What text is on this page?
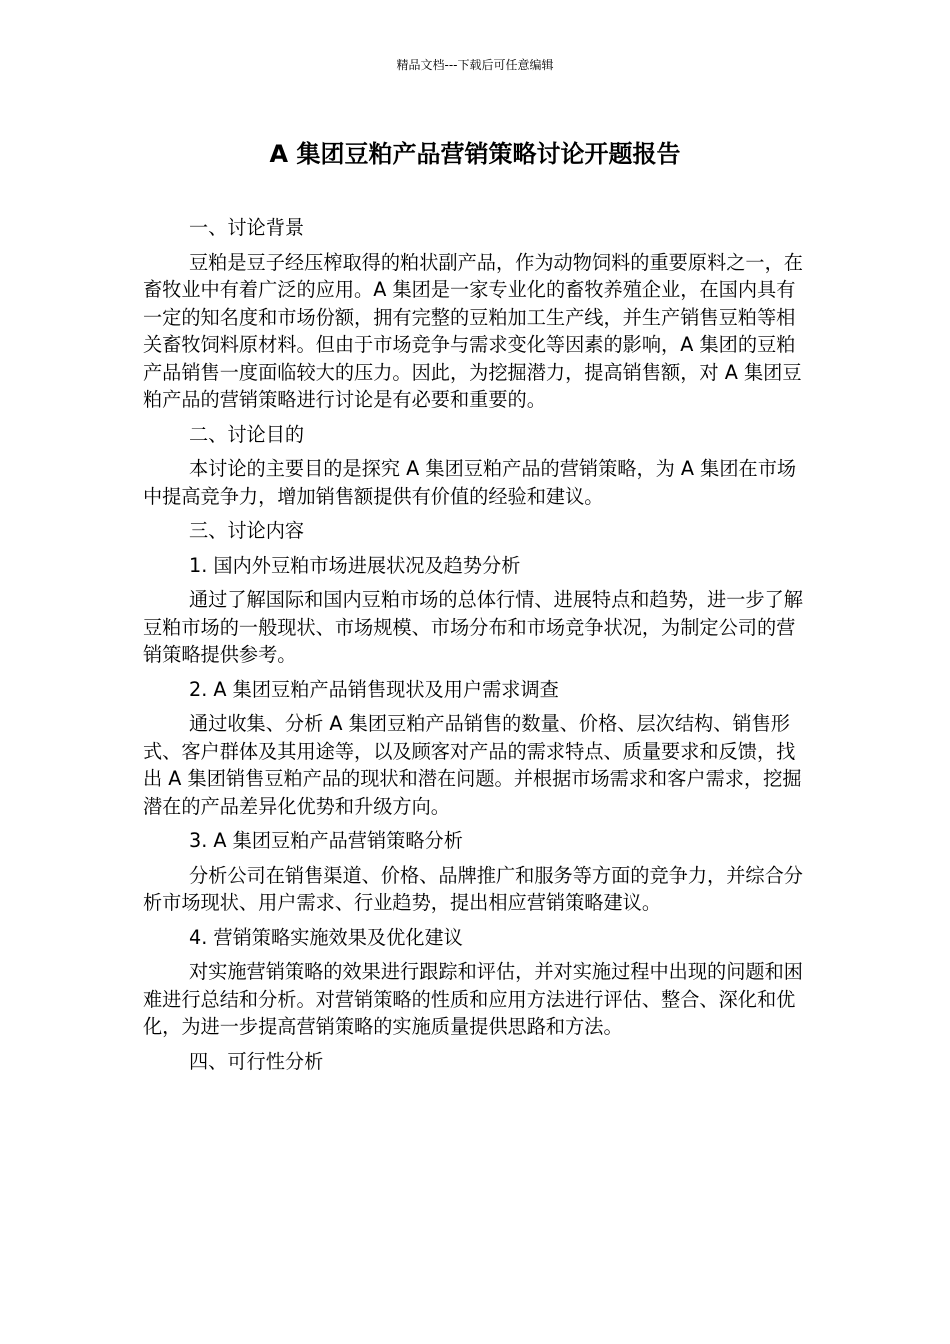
精品文档---下载后可任意编辑
A 集团豆粕产品营销策略讨论开题报告

一、讨论背景

豆粕是豆子经压榨取得的粕状副产品，作为动物饲料的重要原料之一，在畜牧业中有着广泛的应用。A 集团是一家专业化的畜牧养殖企业，在国内具有一定的知名度和市场份额，拥有完整的豆粕加工生产线，并生产销售豆粕等相关畜牧饲料原材料。但由于市场竞争与需求变化等因素的影响，A 集团的豆粕产品销售一度面临较大的压力。因此，为挖掘潜力，提高销售额，对 A 集团豆粕产品的营销策略进行讨论是有必要和重要的。

二、讨论目的

本讨论的主要目的是探究 A 集团豆粕产品的营销策略，为 A 集团在市场中提高竞争力，增加销售额提供有价值的经验和建议。

三、讨论内容

1. 国内外豆粕市场进展状况及趋势分析

通过了解国际和国内豆粕市场的总体行情、进展特点和趋势，进一步了解豆粕市场的一般现状、市场规模、市场分布和市场竞争状况，为制定公司的营销策略提供参考。

2. A 集团豆粕产品销售现状及用户需求调查

通过收集、分析 A 集团豆粕产品销售的数量、价格、层次结构、销售形式、客户群体及其用途等，以及顾客对产品的需求特点、质量要求和反馈，找出 A 集团销售豆粕产品的现状和潜在问题。并根据市场需求和客户需求，挖掘潜在的产品差异化优势和升级方向。

3. A 集团豆粕产品营销策略分析

分析公司在销售渠道、价格、品牌推广和服务等方面的竞争力，并综合分析市场现状、用户需求、行业趋势，提出相应营销策略建议。

4. 营销策略实施效果及优化建议

对实施营销策略的效果进行跟踪和评估，并对实施过程中出现的问题和困难进行总结和分析。对营销策略的性质和应用方法进行评估、整合、深化和优化，为进一步提高营销策略的实施质量提供思路和方法。

四、可行性分析
